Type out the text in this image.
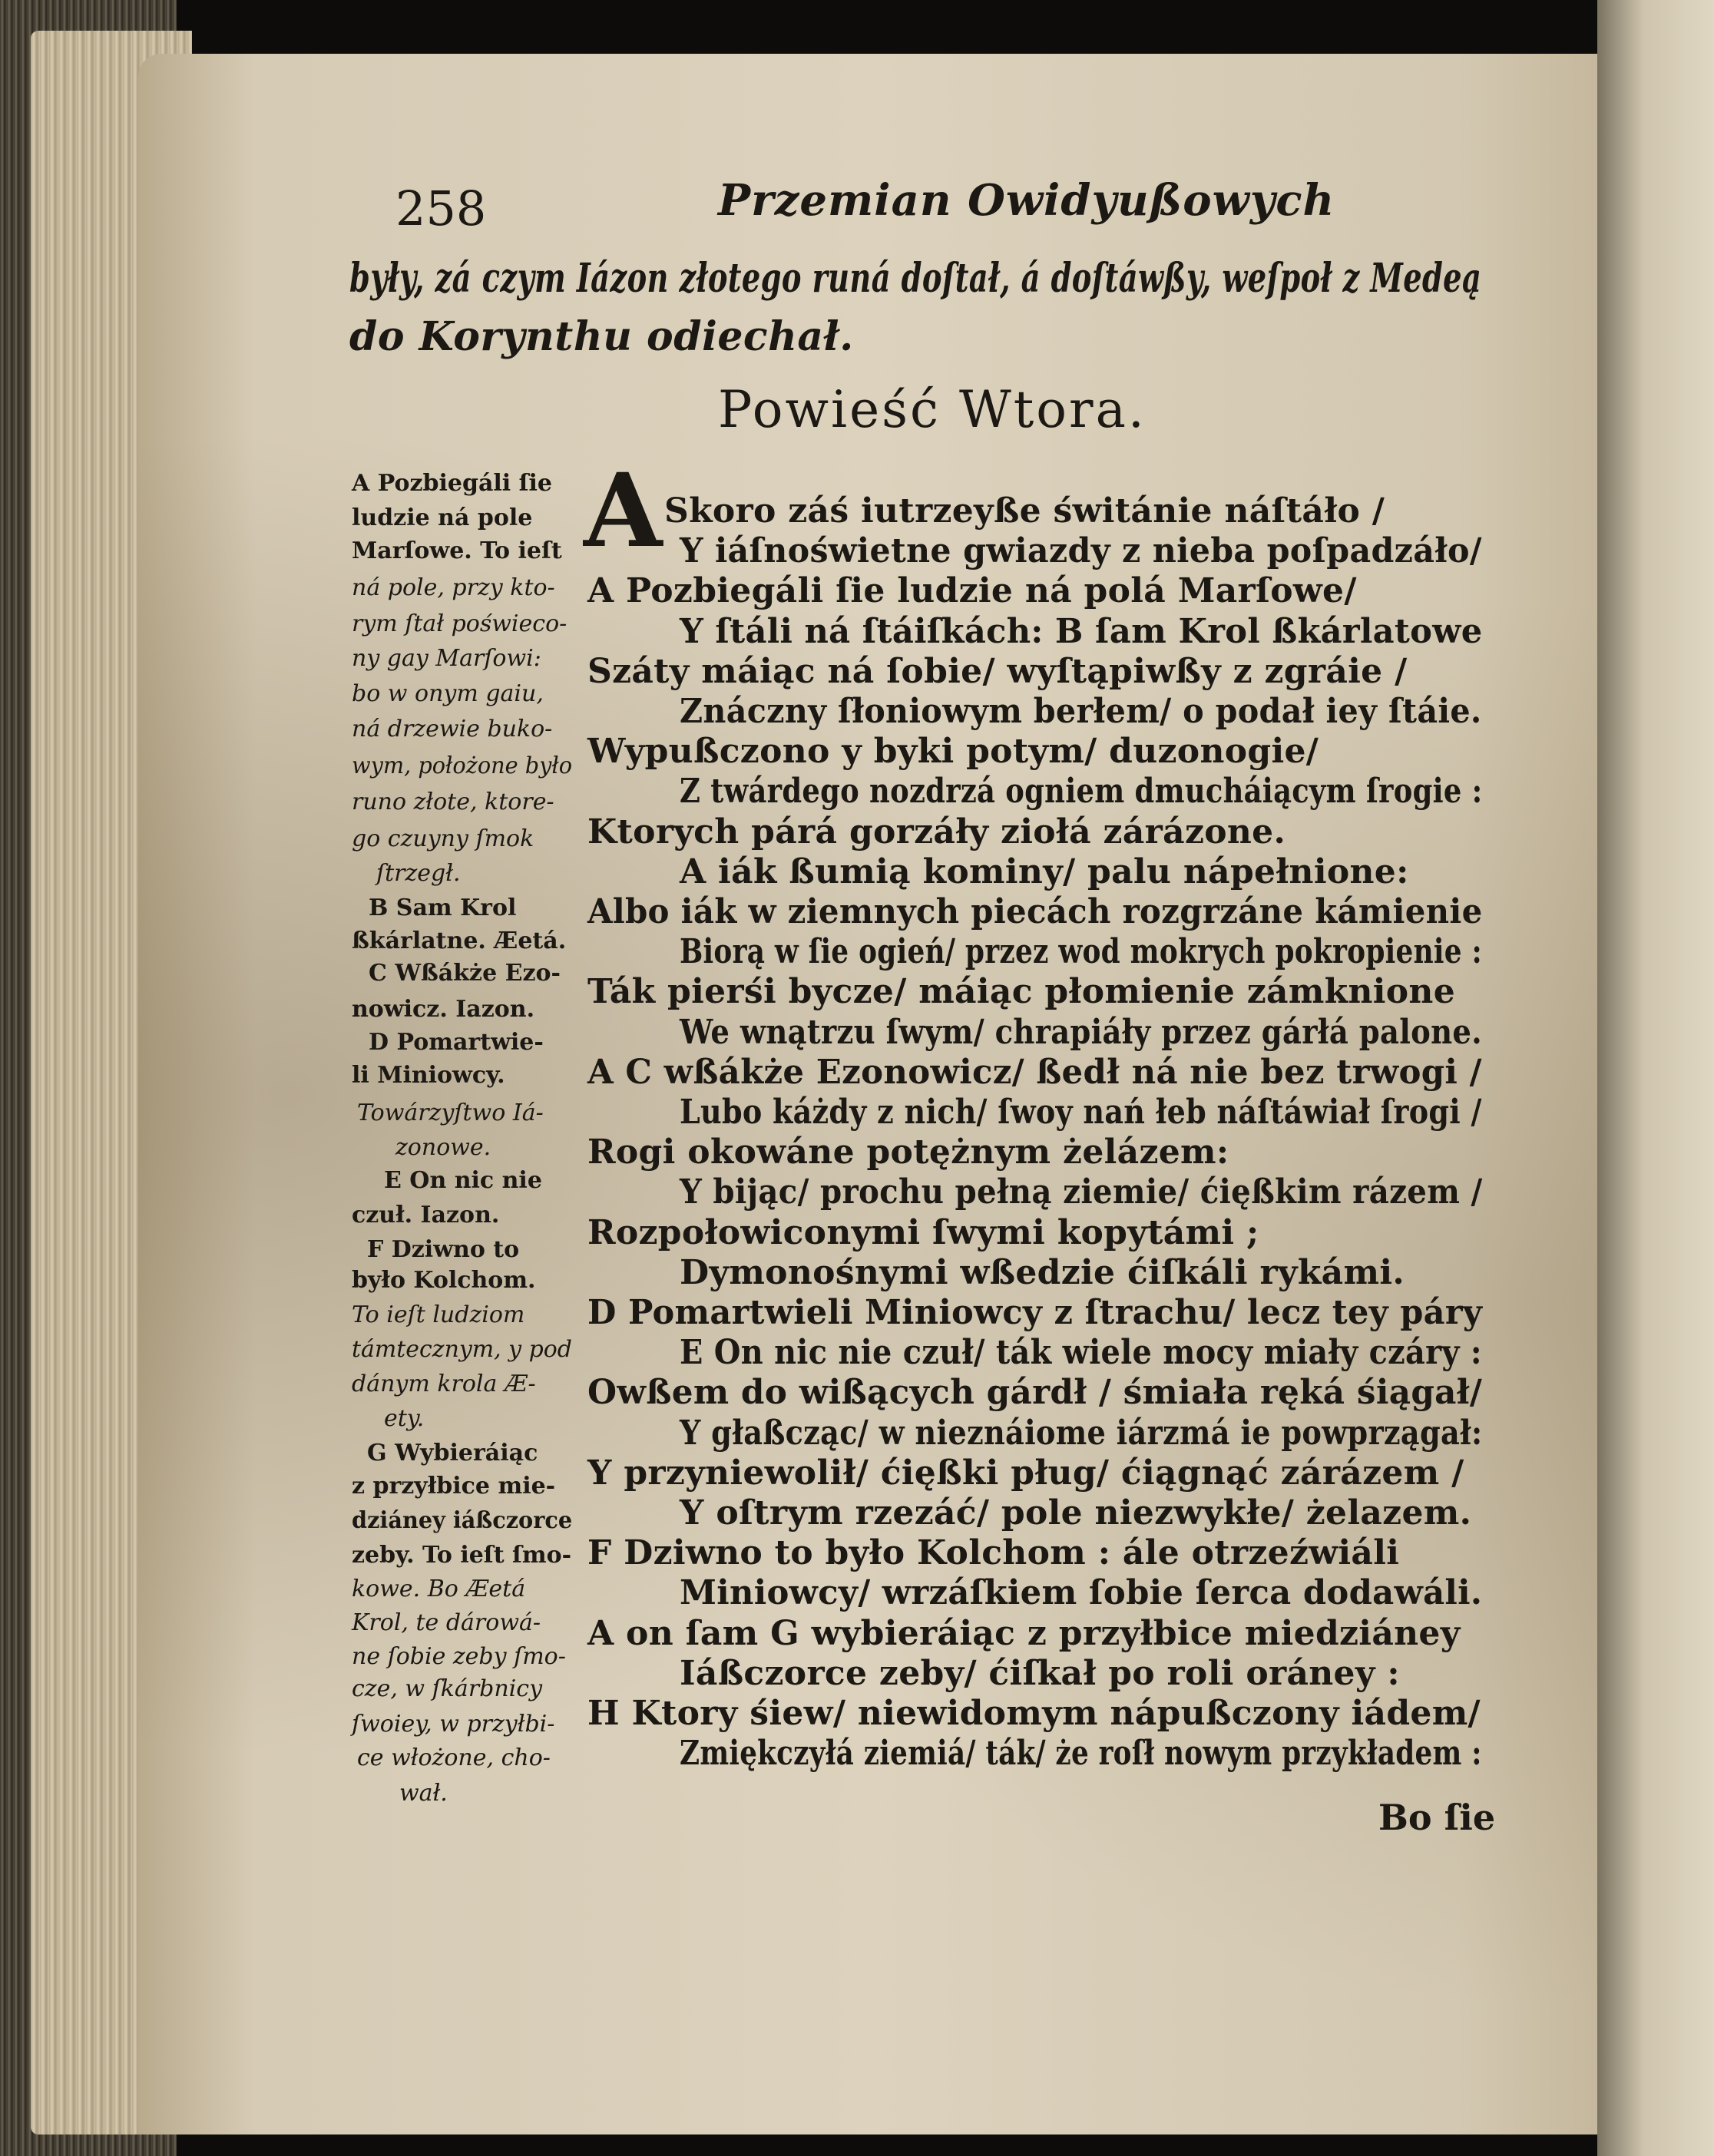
258	Przemian Owidyußowych
były, zá czym Iázon złotego runá doſtał, á doſtáwßy, weſpoł z Medeą
do Korynthu odiechał.
Powieść Wtora.
A Pozbiegáli ſie
ludzie ná pole
Marſowe. To ieſt
ná pole, przy kto-
rym ſtał poświeco-
ny gay Marſowi:
bo w onym gaiu,
ná drzewie buko-
wym, położone było
runo złote, ktore-
go czuyny ſmok
ſtrzegł.
B Sam Krol
ßkárlatne. Æetá.
C Wßákże Ezo-
nowicz. Iazon.
D Pomartwie-
li Miniowcy.
Towárzyſtwo Iá-
zonowe.
E On nic nie
czuł. Iazon.
F Dziwno to
było Kolchom.
To ieſt ludziom
támtecznym, y pod
dánym krola Æ-
ety.
G Wybieráiąc
z przyłbice mie-
dziáney iáßczorce
zeby. To ieſt ſmo-
kowe. Bo Æetá
Krol, te dárowá-
ne ſobie zeby ſmo-
cze, w ſkárbnicy
ſwoiey, w przyłbi-
ce włożone, cho-
wał.
A Skoro záś iutrzeyße świtánie náſtáło /
Y iáſnoświetne gwiazdy z nieba poſpadzáło/
A Pozbiegáli ſie ludzie ná polá Marſowe/
Y ſtáli ná ſtáiſkách: B ſam Krol ßkárlatowe
Száty máiąc ná ſobie/ wyſtąpiwßy z zgráie /
Znáczny ſłoniowym berłem/ o podał iey ſtáie.
Wypußczono y byki potym/ duzonogie/
Z twárdego nozdrzá ogniem dmucháiącym ſrogie :
Ktorych párá gorzáły ziołá zárázone.
A iák ßumią kominy/ palu nápełnione:
Albo iák w ziemnych piecách rozgrzáne kámienie
Biorą w ſie ogień/ przez wod mokrych pokropienie :
Ták pierśi bycze/ máiąc płomienie zámknione
We wnątrzu ſwym/ chrapiáły przez gárłá palone.
A C wßákże Ezonowicz/ ßedł ná nie bez trwogi /
Lubo káżdy z nich/ ſwoy nań łeb náſtáwiał ſrogi /
Rogi okowáne potężnym żelázem:
Y bijąc/ prochu pełną ziemie/ ćięßkim rázem /
Rozpołowiconymi ſwymi kopytámi ;
Dymonośnymi wßedzie ćiſkáli rykámi.
D Pomartwieli Miniowcy z ſtrachu/ lecz tey páry
E On nic nie czuł/ ták wiele mocy miały czáry :
Owßem do wißących gárdł / śmiała ręká śiągał/
Y głaßcząc/ w nieznáiome iárzmá ie powprzągał:
Y przyniewolił/ ćięßki pług/ ćiągnąć zárázem /
Y oſtrym rzezáć/ pole niezwykłe/ żelazem.
F Dziwno to było Kolchom : ále otrzeźwiáli
Miniowcy/ wrzáſkiem ſobie ſerca dodawáli.
A on ſam G wybieráiąc z przyłbice miedziáney
Iáßczorce zeby/ ćiſkał po roli oráney :
H Ktory śiew/ niewidomym nápußczony iádem/
Zmiękczyłá ziemiá/ ták/ że roſł nowym przykładem :
Bo ſie
